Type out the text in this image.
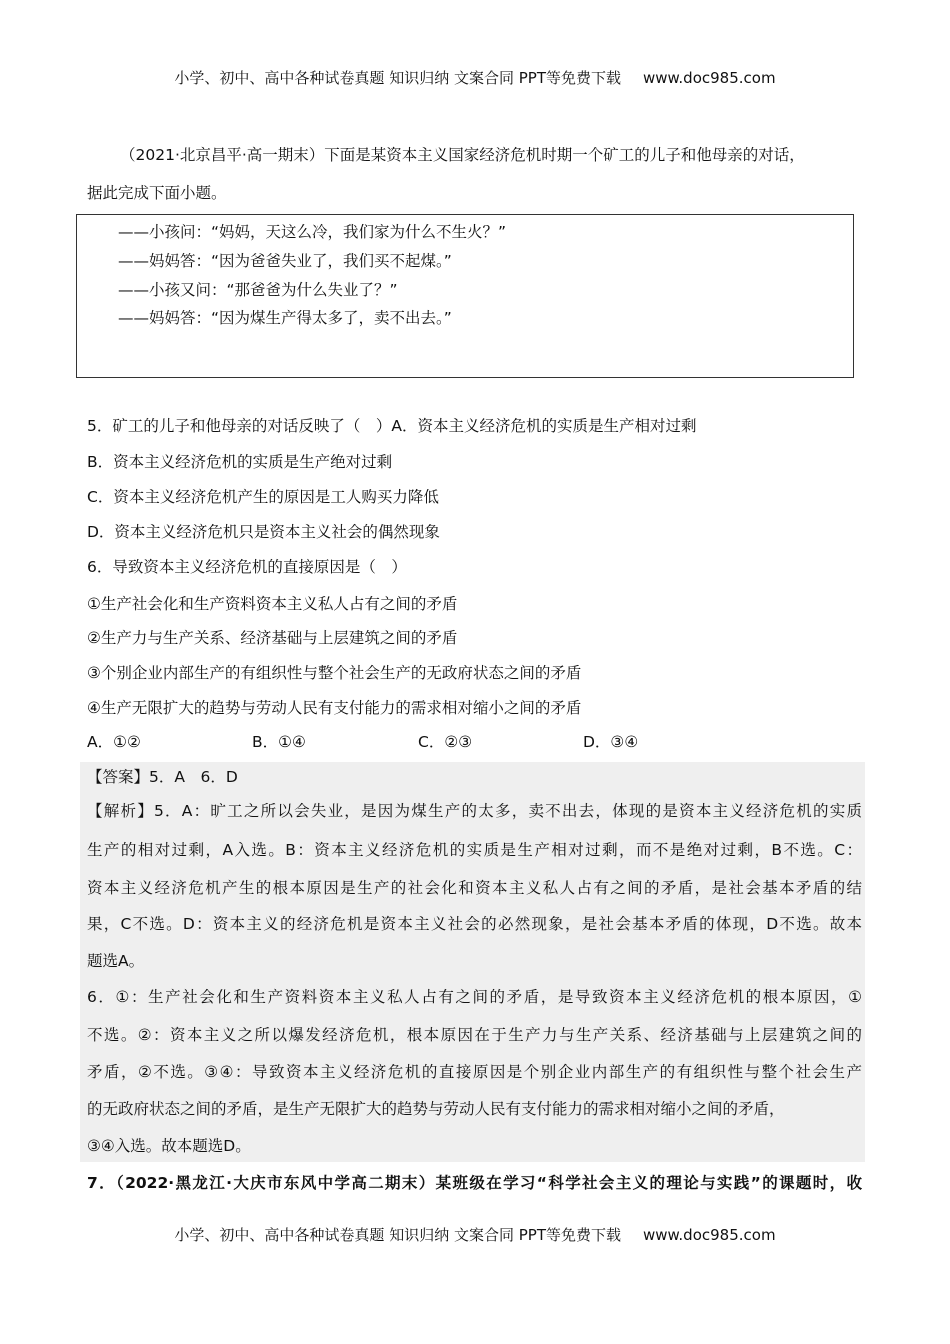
小学、初中、高中各种试卷真题 知识归纳 文案合同 PPT等免费下载 www.doc985.com
（2021·北京昌平·高一期末）下面是某资本主义国家经济危机时期一个矿工的儿子和他母亲的对话，
据此完成下面小题。
——小孩问：“妈妈，天这么冷，我们家为什么不生火？”
——妈妈答：“因为爸爸失业了，我们买不起煤。”
——小孩又问：“那爸爸为什么失业了？”
——妈妈答：“因为煤生产得太多了，卖不出去。”
5．矿工的儿子和他母亲的对话反映了（　）A．资本主义经济危机的实质是生产相对过剩
B．资本主义经济危机的实质是生产绝对过剩
C．资本主义经济危机产生的原因是工人购买力降低
D．资本主义经济危机只是资本主义社会的偶然现象
6．导致资本主义经济危机的直接原因是（　）
①生产社会化和生产资料资本主义私人占有之间的矛盾
②生产力与生产关系、经济基础与上层建筑之间的矛盾
③个别企业内部生产的有组织性与整个社会生产的无政府状态之间的矛盾
④生产无限扩大的趋势与劳动人民有支付能力的需求相对缩小之间的矛盾
A．①②	B．①④	C．②③	D．③④
【答案】5．A　6．D
【解析】5．A：旷工之所以会失业，是因为煤生产的太多，卖不出去，体现的是资本主义经济危机的实质
生产的相对过剩，A入选。B：资本主义经济危机的实质是生产相对过剩，而不是绝对过剩，B不选。C：
资本主义经济危机产生的根本原因是生产的社会化和资本主义私人占有之间的矛盾，是社会基本矛盾的结
果，C不选。D：资本主义的经济危机是资本主义社会的必然现象，是社会基本矛盾的体现，D不选。故本
题选A。
6．①：生产社会化和生产资料资本主义私人占有之间的矛盾，是导致资本主义经济危机的根本原因，①
不选。②：资本主义之所以爆发经济危机，根本原因在于生产力与生产关系、经济基础与上层建筑之间的
矛盾，②不选。③④：导致资本主义经济危机的直接原因是个别企业内部生产的有组织性与整个社会生产
的无政府状态之间的矛盾，是生产无限扩大的趋势与劳动人民有支付能力的需求相对缩小之间的矛盾，
③④入选。故本题选D。
7．（2022·黑龙江·大庆市东风中学高二期末）某班级在学习“科学社会主义的理论与实践”的课题时，收
小学、初中、高中各种试卷真题 知识归纳 文案合同 PPT等免费下载 www.doc985.com
